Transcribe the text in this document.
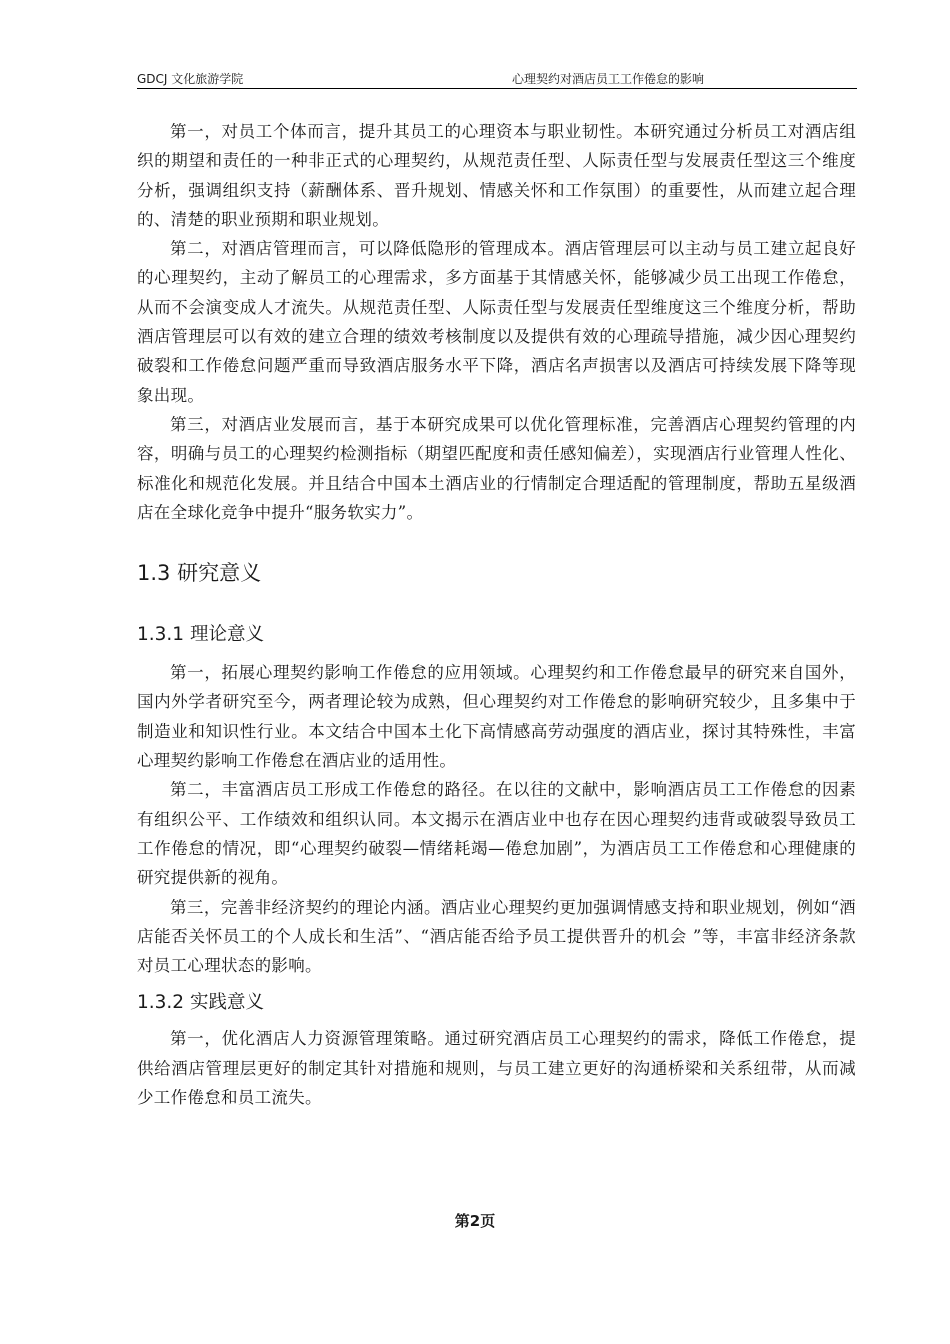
GDCJ 文化旅游学院	心理契约对酒店员工工作倦怠的影响

第一，对员工个体而言，提升其员工的心理资本与职业韧性。本研究通过分析员工对酒店组织的期望和责任的一种非正式的心理契约，从规范责任型、人际责任型与发展责任型这三个维度分析，强调组织支持（薪酬体系、晋升规划、情感关怀和工作氛围）的重要性，从而建立起合理的、清楚的职业预期和职业规划。

第二，对酒店管理而言，可以降低隐形的管理成本。酒店管理层可以主动与员工建立起良好的心理契约，主动了解员工的心理需求，多方面基于其情感关怀，能够减少员工出现工作倦怠，从而不会演变成人才流失。从规范责任型、人际责任型与发展责任型维度这三个维度分析，帮助酒店管理层可以有效的建立合理的绩效考核制度以及提供有效的心理疏导措施，减少因心理契约破裂和工作倦怠问题严重而导致酒店服务水平下降，酒店名声损害以及酒店可持续发展下降等现象出现。

第三，对酒店业发展而言，基于本研究成果可以优化管理标准，完善酒店心理契约管理的内容，明确与员工的心理契约检测指标（期望匹配度和责任感知偏差），实现酒店行业管理人性化、标准化和规范化发展。并且结合中国本土酒店业的行情制定合理适配的管理制度，帮助五星级酒店在全球化竞争中提升“服务软实力”。

1.3 研究意义
1.3.1 理论意义

第一，拓展心理契约影响工作倦怠的应用领域。心理契约和工作倦怠最早的研究来自国外，国内外学者研究至今，两者理论较为成熟，但心理契约对工作倦怠的影响研究较少，且多集中于制造业和知识性行业。本文结合中国本土化下高情感高劳动强度的酒店业，探讨其特殊性，丰富心理契约影响工作倦怠在酒店业的适用性。

第二，丰富酒店员工形成工作倦怠的路径。在以往的文献中，影响酒店员工工作倦怠的因素有组织公平、工作绩效和组织认同。本文揭示在酒店业中也存在因心理契约违背或破裂导致员工工作倦怠的情况，即“心理契约破裂—情绪耗竭—倦怠加剧”，为酒店员工工作倦怠和心理健康的研究提供新的视角。

第三，完善非经济契约的理论内涵。酒店业心理契约更加强调情感支持和职业规划，例如“酒店能否关怀员工的个人成长和生活”、“酒店能否给予员工提供晋升的机会 ”等，丰富非经济条款对员工心理状态的影响。

1.3.2 实践意义

第一，优化酒店人力资源管理策略。通过研究酒店员工心理契约的需求，降低工作倦怠，提供给酒店管理层更好的制定其针对措施和规则，与员工建立更好的沟通桥梁和关系纽带，从而减少工作倦怠和员工流失。

第2页
